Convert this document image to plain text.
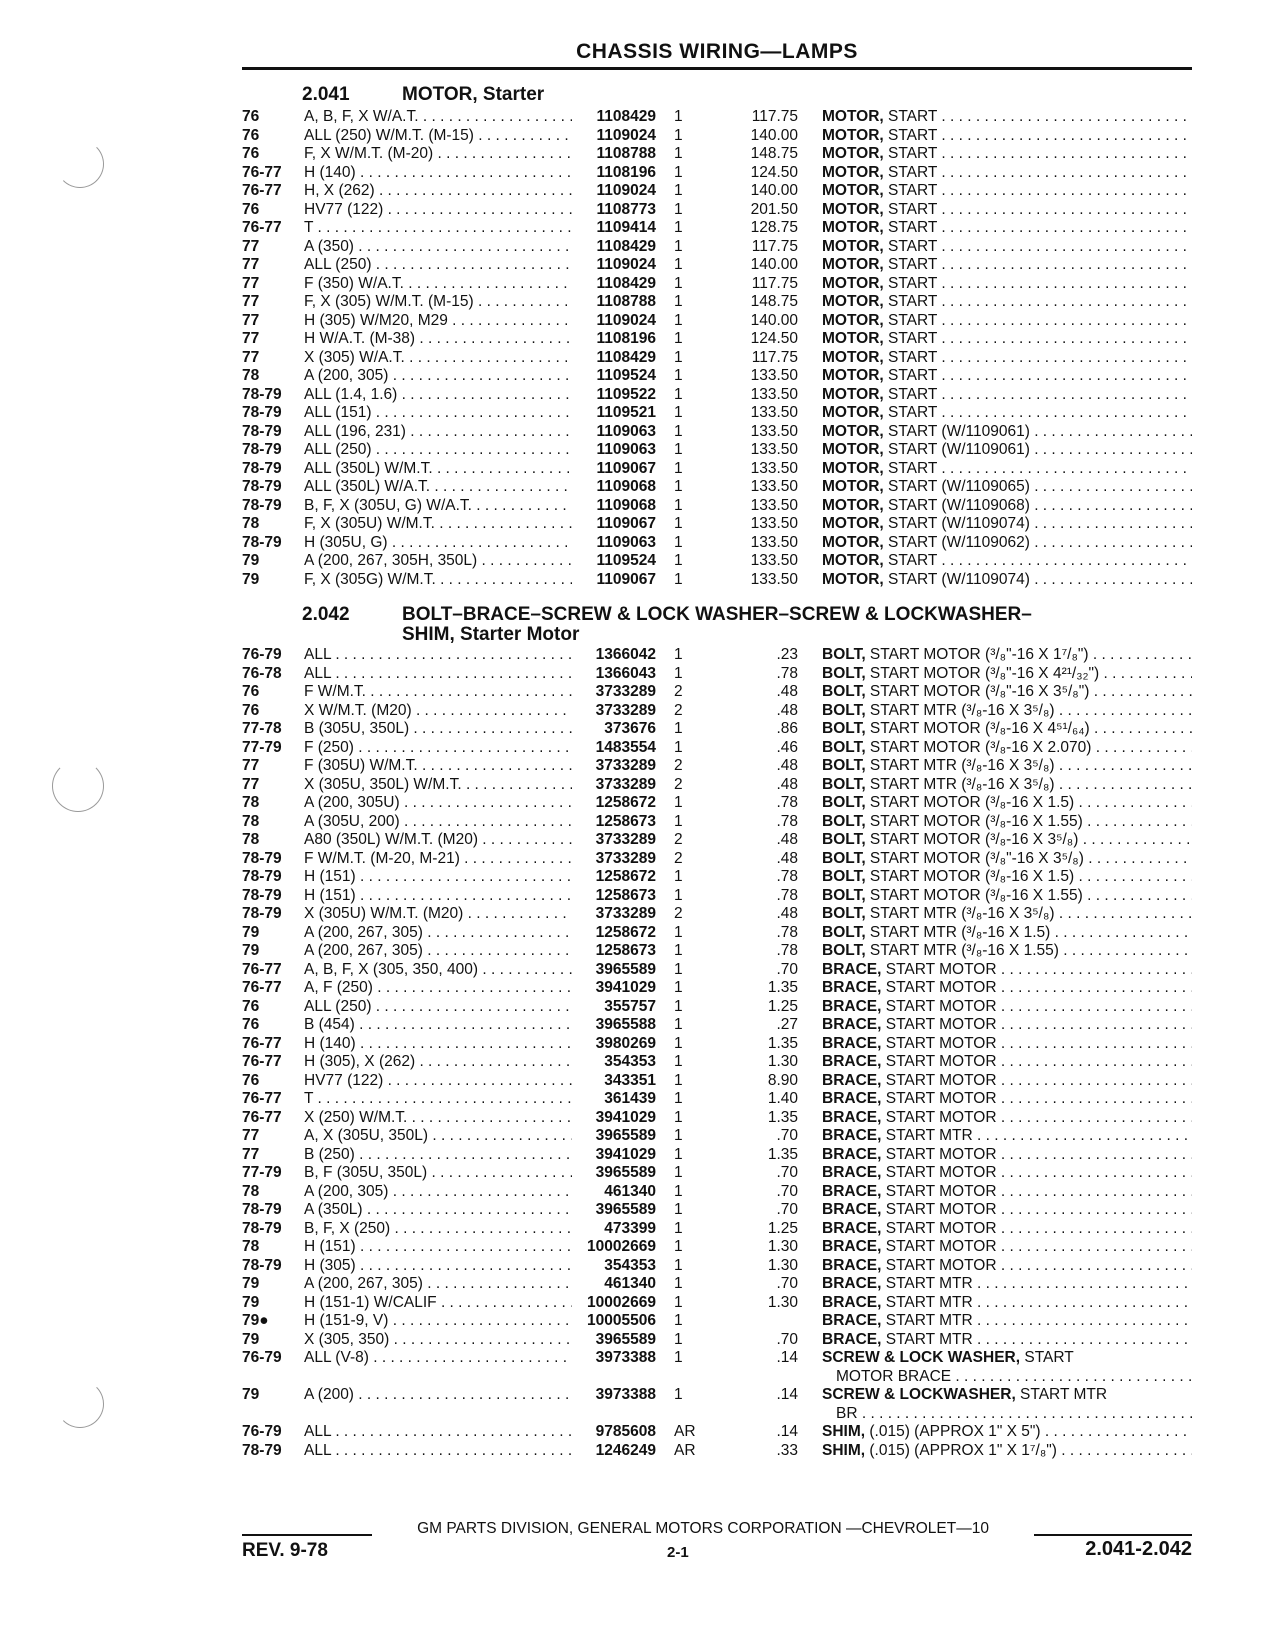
CHASSIS WIRING—LAMPS
2.041	MOTOR, Starter
76	A, B, F, X W/A.T. . . .	1108429 1	117.75 MOTOR, START . . .
76	ALL (250) W/M.T. (M-15) . . .	1109024 1	140.00 MOTOR, START . . .
76	F, X W/M.T. (M-20) . . .	1108788 1	148.75 MOTOR, START . . .
76-77 H (140) . . .	1108196 1	124.50 MOTOR, START . . .
76-77 H, X (262) . . .	1109024 1	140.00 MOTOR, START . . .
76	HV77 (122) . . .	1108773 1	201.50 MOTOR, START . . .
76-77 T . . .	1109414 1	128.75 MOTOR, START . . .
77	A (350) . . .	1108429 1	117.75 MOTOR, START . . .
77	ALL (250) . . .	1109024 1	140.00 MOTOR, START . . .
77	F (350) W/A.T. . . .	1108429 1	117.75 MOTOR, START . . .
77	F, X (305) W/M.T. (M-15) . . .	1108788 1	148.75 MOTOR, START . . .
77	H (305) W/M20, M29 . . .	1109024 1	140.00 MOTOR, START . . .
77	H W/A.T. (M-38) . . .	1108196 1	124.50 MOTOR, START . . .
77	X (305) W/A.T. . . .	1108429 1	117.75 MOTOR, START . . .
78	A (200, 305) . . .	1109524 1	133.50 MOTOR, START . . .
78-79 ALL (1.4, 1.6) . . .	1109522 1	133.50 MOTOR, START . . .
78-79 ALL (151) . . .	1109521 1	133.50 MOTOR, START . . .
78-79 ALL (196, 231) . . .	1109063 1	133.50 MOTOR, START (W/1109061) . . .
78-79 ALL (250) . . .	1109063 1	133.50 MOTOR, START (W/1109061) . . .
78-79 ALL (350L) W/M.T. . . .	1109067 1	133.50 MOTOR, START . . .
78-79 ALL (350L) W/A.T. . . .	1109068 1	133.50 MOTOR, START (W/1109065) . . .
78-79 B, F, X (305U, G) W/A.T. . . .	1109068 1	133.50 MOTOR, START (W/1109068) . . .
78	F, X (305U) W/M.T. . . .	1109067 1	133.50 MOTOR, START (W/1109074) . . .
78-79 H (305U, G) . . .	1109063 1	133.50 MOTOR, START (W/1109062) . . .
79	A (200, 267, 305H, 350L) . . .	1109524 1	133.50 MOTOR, START . . .
79	F, X (305G) W/M.T. . . .	1109067 1	133.50 MOTOR, START (W/1109074) . . .
2.042	BOLT–BRACE–SCREW & LOCK WASHER–SCREW & LOCKWASHER–
SHIM, Starter Motor
76-79 ALL . . .	1366042 1	.23 BOLT, START MOTOR (³/₈"-16 X 1⁷/₈") . . .
76-78 ALL . . .	1366043 1	.78 BOLT, START MOTOR (³/₈"-16 X 4²¹/₃₂") . . .
76	F W/M.T. . . .	3733289 2	.48 BOLT, START MOTOR (³/₈"-16 X 3⁵/₈") . . .
76	X W/M.T. (M20) . . .	3733289 2	.48 BOLT, START MTR (³/₈-16 X 3⁵/₈) . . .
77-78 B (305U, 350L) . . .	373676 1	.86 BOLT, START MOTOR (³/₈-16 X 4⁵¹/₆₄) . . .
77-79 F (250) . . .	1483554 1	.46 BOLT, START MOTOR (³/₈-16 X 2.070) . . .
77	F (305U) W/M.T. . . .	3733289 2	.48 BOLT, START MTR (³/₈-16 X 3⁵/₈) . . .
77	X (305U, 350L) W/M.T. . . .	3733289 2	.48 BOLT, START MTR (³/₈-16 X 3⁵/₈) . . .
78	A (200, 305U) . . .	1258672 1	.78 BOLT, START MOTOR (³/₈-16 X 1.5) . . .
78	A (305U, 200) . . .	1258673 1	.78 BOLT, START MOTOR (³/₈-16 X 1.55) . . .
78	A80 (350L) W/M.T. (M20) . . .	3733289 2	.48 BOLT, START MOTOR (³/₈-16 X 3⁵/₈) . . .
78-79 F W/M.T. (M-20, M-21) . . .	3733289 2	.48 BOLT, START MOTOR (³/₈"-16 X 3⁵/₈) . . .
78-79 H (151) . . .	1258672 1	.78 BOLT, START MOTOR (³/₈-16 X 1.5) . . .
78-79 H (151) . . .	1258673 1	.78 BOLT, START MOTOR (³/₈-16 X 1.55) . . .
78-79 X (305U) W/M.T. (M20) . . .	3733289 2	.48 BOLT, START MTR (³/₈-16 X 3⁵/₈) . . .
79	A (200, 267, 305) . . .	1258672 1	.78 BOLT, START MTR (³/₈-16 X 1.5) . . .
79	A (200, 267, 305) . . .	1258673 1	.78 BOLT, START MTR (³/₈-16 X 1.55) . . .
76-77 A, B, F, X (305, 350, 400) . . .	3965589 1	.70 BRACE, START MOTOR . . .
76-77 A, F (250) . . .	3941029 1	1.35 BRACE, START MOTOR . . .
76	ALL (250) . . .	355757 1	1.25 BRACE, START MOTOR . . .
76	B (454) . . .	3965588 1	.27 BRACE, START MOTOR . . .
76-77 H (140) . . .	3980269 1	1.35 BRACE, START MOTOR . . .
76-77 H (305), X (262) . . .	354353 1	1.30 BRACE, START MOTOR . . .
76	HV77 (122) . . .	343351 1	8.90 BRACE, START MOTOR . . .
76-77 T . . .	361439 1	1.40 BRACE, START MOTOR . . .
76-77 X (250) W/M.T. . . .	3941029 1	1.35 BRACE, START MOTOR . . .
77	A, X (305U, 350L) . . .	3965589 1	.70 BRACE, START MTR . . .
77	B (250) . . .	3941029 1	1.35 BRACE, START MOTOR . . .
77-79 B, F (305U, 350L) . . .	3965589 1	.70 BRACE, START MOTOR . . .
78	A (200, 305) . . .	461340 1	.70 BRACE, START MOTOR . . .
78-79 A (350L) . . .	3965589 1	.70 BRACE, START MOTOR . . .
78-79 B, F, X (250) . . .	473399 1	1.25 BRACE, START MOTOR . . .
78	H (151) . . .	10002669 1	1.30 BRACE, START MOTOR . . .
78-79 H (305) . . .	354353 1	1.30 BRACE, START MOTOR . . .
79	A (200, 267, 305) . . .	461340 1	.70 BRACE, START MTR . . .
79	H (151-1) W/CALIF . . .	10002669 1	1.30 BRACE, START MTR . . .
79● H (151-9, V) . . .	10005506 1	BRACE, START MTR . . .
79	X (305, 350) . . .	3965589 1	.70 BRACE, START MTR . . .
76-79 ALL (V-8) . . .	3973388 1	.14 SCREW & LOCK WASHER, START
MOTOR BRACE . . .
79	A (200) . . .	3973388 1	.14 SCREW & LOCKWASHER, START MTR
BR . . .
76-79 ALL . . .	9785608 AR	.14 SHIM, (.015) (APPROX 1" X 5") . . .
78-79 ALL . . .	1246249 AR	.33 SHIM, (.015) (APPROX 1" X 1⁷/₈") . . .
GM PARTS DIVISION, GENERAL MOTORS CORPORATION —CHEVROLET—10
REV. 9-78	2-1	2.041-2.042
